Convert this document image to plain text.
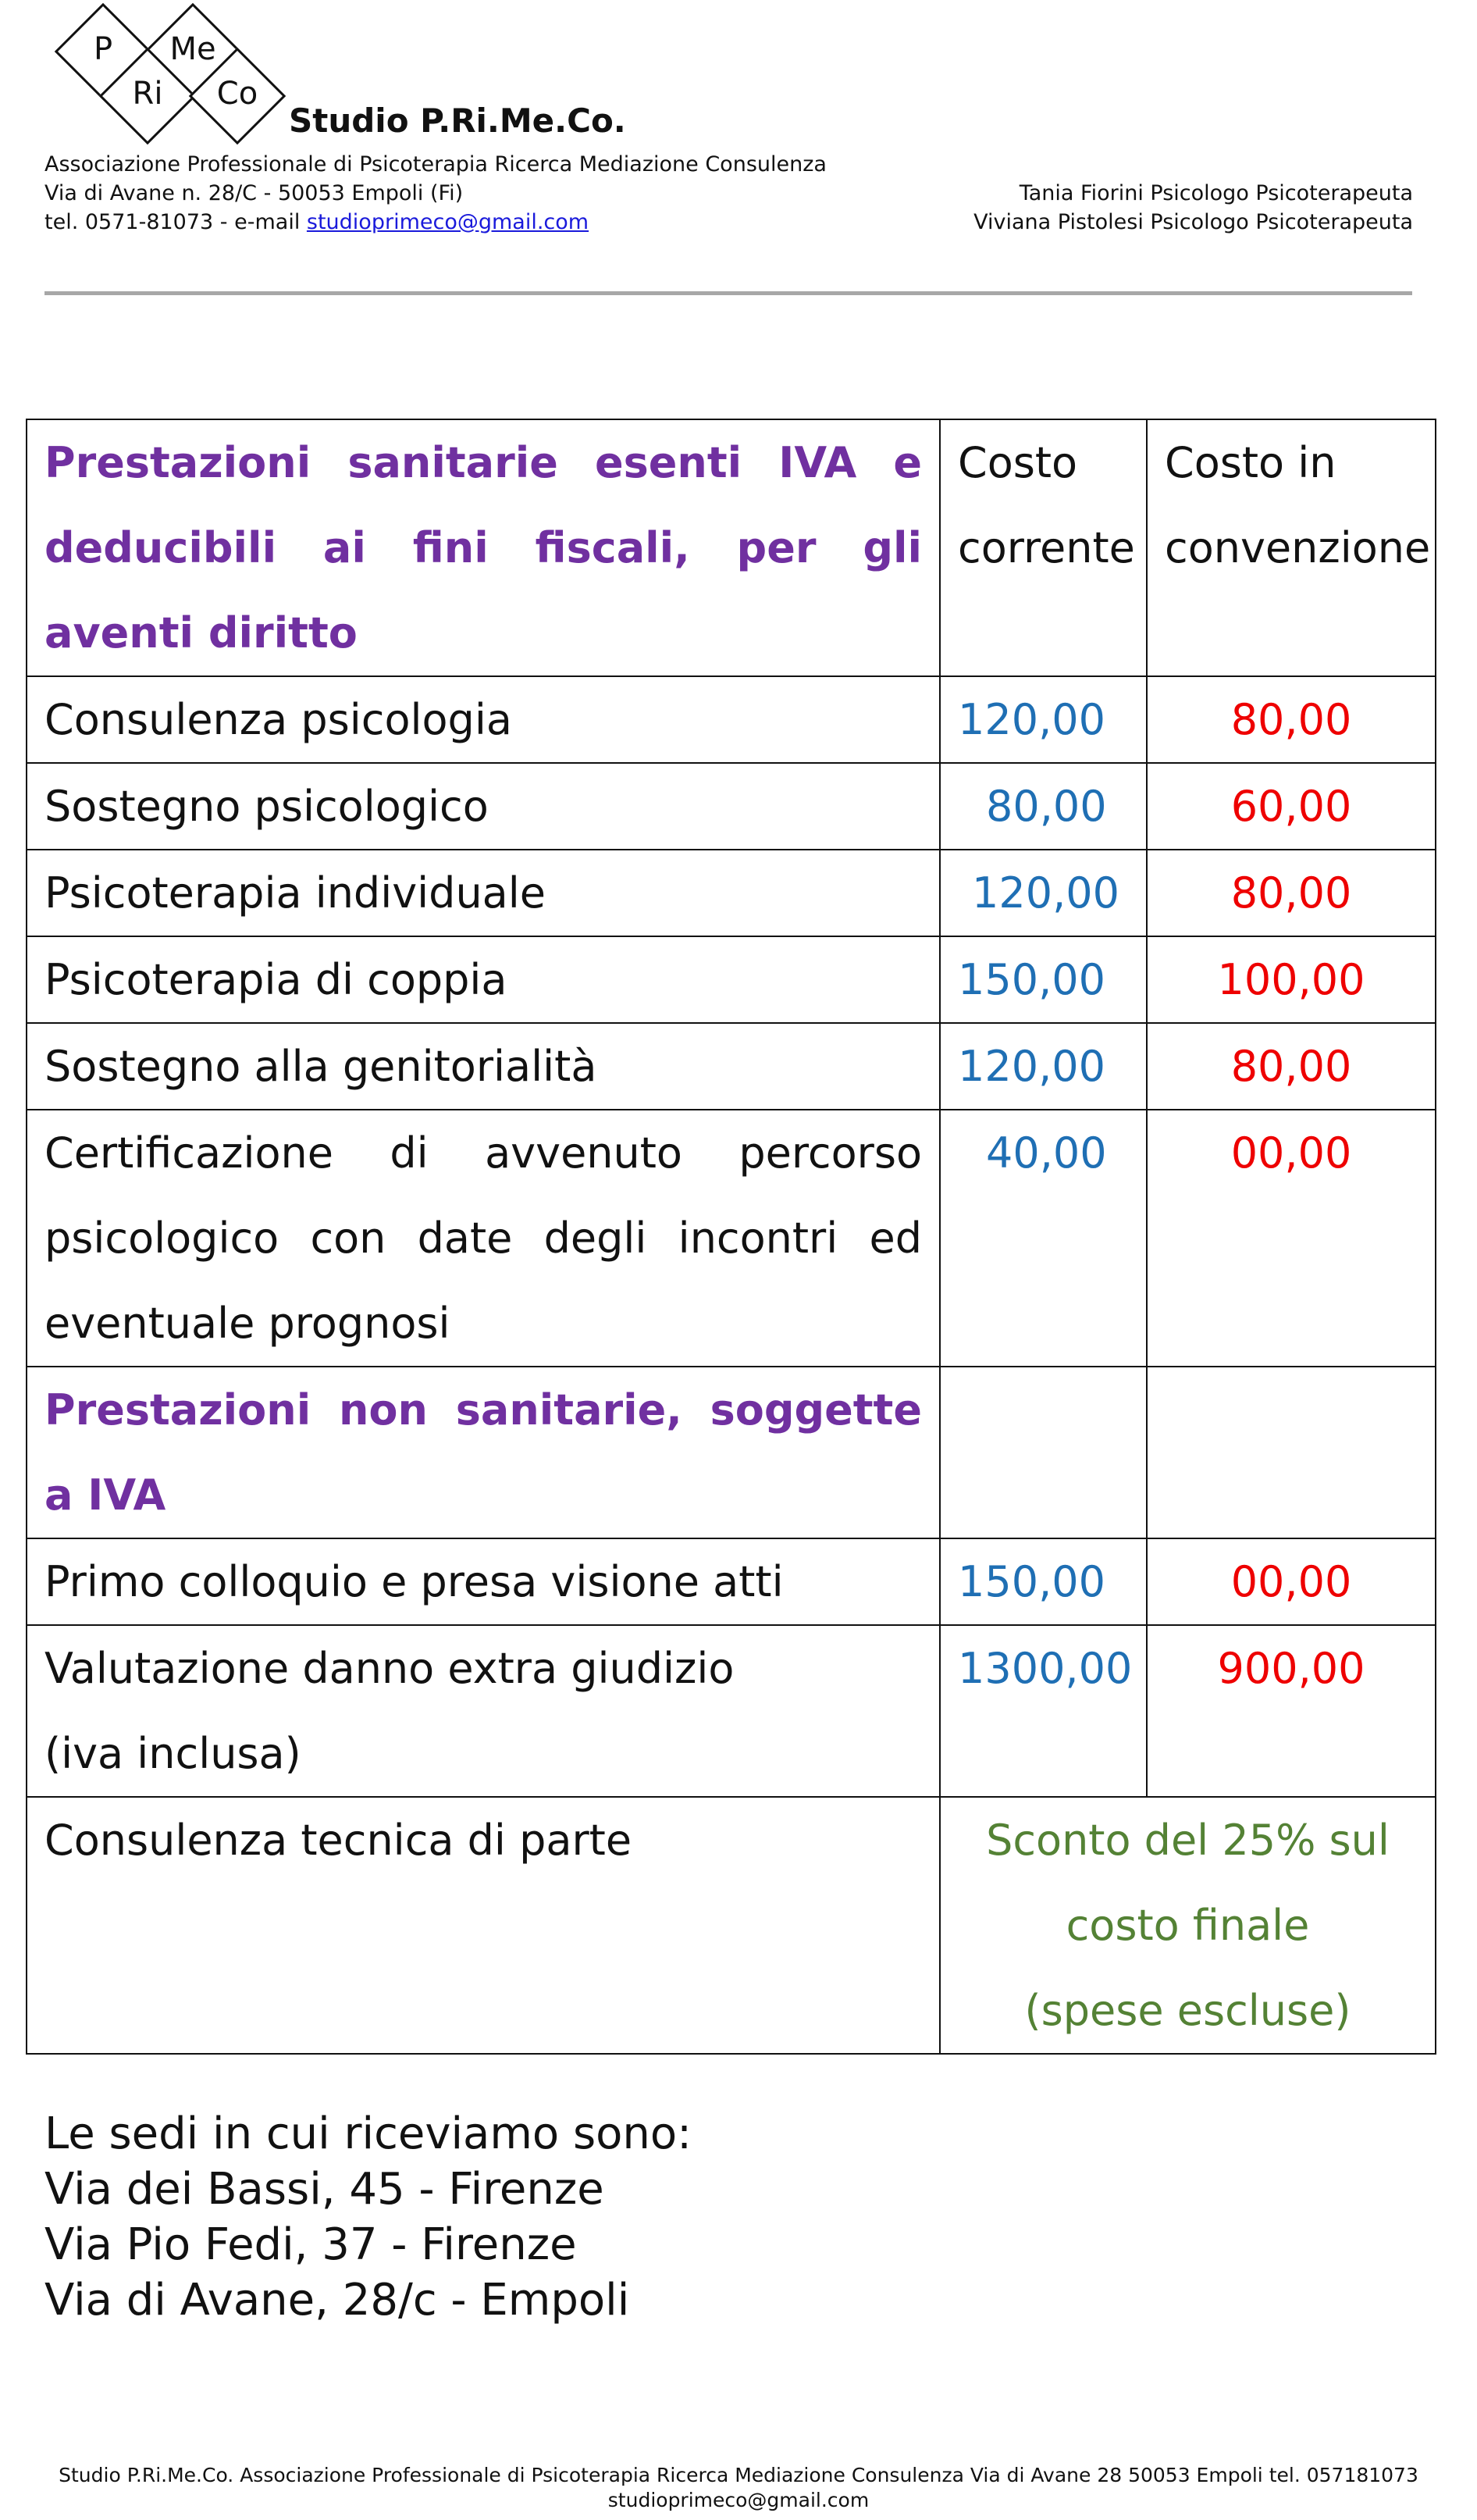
P	Me
Ri	Co
Studio P.Ri.Me.Co.
Associazione Professionale di Psicoterapia Ricerca Mediazione Consulenza
Via di Avane n. 28/C - 50053 Empoli (Fi)
tel. 0571-81073 - e-mail studioprimeco@gmail.com
Tania Fiorini Psicologo Psicoterapeuta
Viviana Pistolesi Psicologo Psicoterapeuta
Prestazioni sanitarie esenti IVA e deducibili ai fini fiscali, per gli aventi diritto	Costo corrente	Costo in convenzione
Consulenza psicologia	120,00	80,00
Sostegno psicologico	80,00	60,00
Psicoterapia individuale	120,00	80,00
Psicoterapia di coppia	150,00	100,00
Sostegno alla genitorialità	120,00	80,00
Certificazione di avvenuto percorso psicologico con date degli incontri ed eventuale prognosi	40,00	00,00
Prestazioni non sanitarie, soggette a IVA		
Primo colloquio e presa visione atti	150,00	00,00

Valutazione danno extra giudizio
(iva inclusa)	1300,00	900,00
Consulenza tecnica di parte	Sconto del 25% sul
costo finale
(spese escluse)	
Le sedi in cui riceviamo sono:
Via dei Bassi, 45 - Firenze
Via Pio Fedi, 37 - Firenze
Via di Avane, 28/c - Empoli
Studio P.Ri.Me.Co. Associazione Professionale di Psicoterapia Ricerca Mediazione Consulenza Via di Avane 28 50053 Empoli tel. 057181073
studioprimeco@gmail.com
